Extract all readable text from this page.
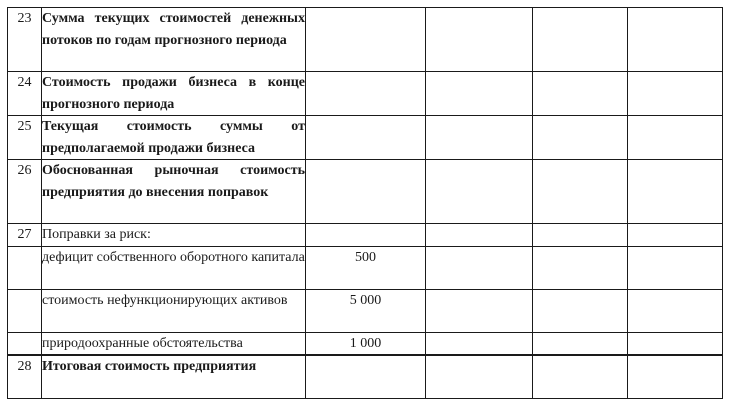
23	Сумма текущих стоимостей денежных потоков по годам прогнозного периода				
24	Стоимость продажи бизнеса в конце прогнозного периода				
25	Текущая стоимость суммы от предполагаемой продажи бизнеса				
26	Обоснованная рыночная стоимость предприятия до внесения поправок				
27	Поправки за риск:				
	дефицит собственного оборотного капитала	500			
	стоимость нефункционирующих активов	5 000			
	природоохранные обстоятельства	1 000			
28	Итоговая стоимость предприятия				
